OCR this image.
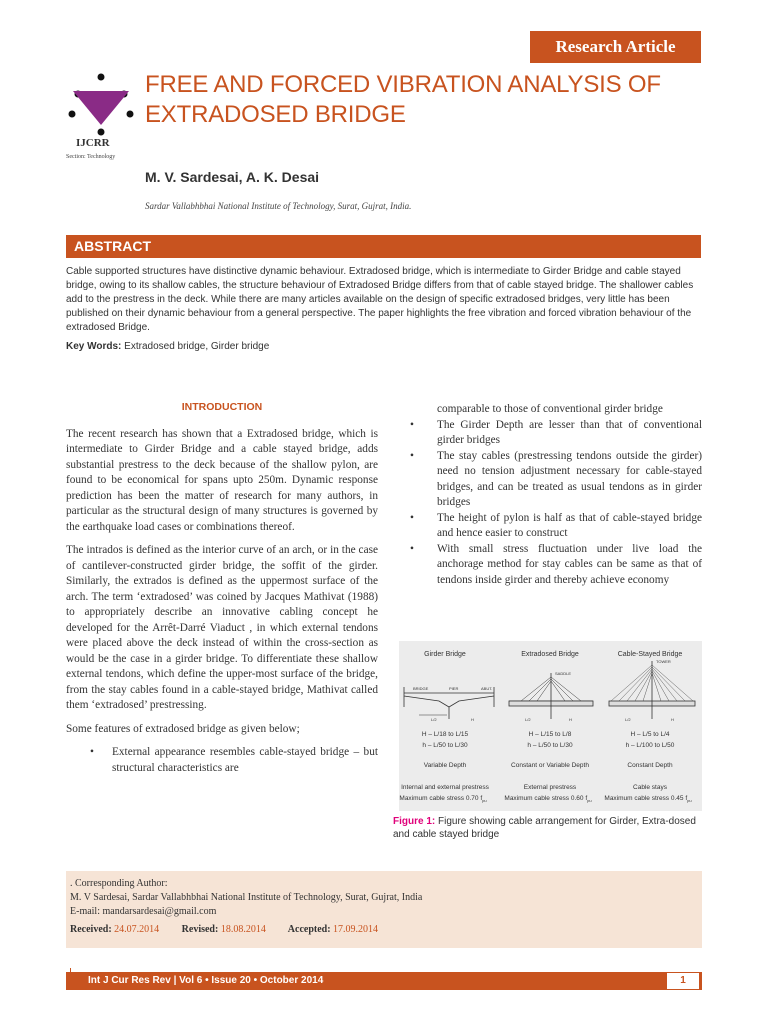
Research Article
IJCRR
Section: Technology
FREE AND FORCED VIBRATION ANALYSIS OF EXTRADOSED BRIDGE
M. V. Sardesai, A. K. Desai
Sardar Vallabhbhai National Institute of Technology, Surat, Gujrat, India.
ABSTRACT
Cable supported structures have distinctive dynamic behaviour. Extradosed bridge, which is intermediate to Girder Bridge and cable stayed bridge, owing to its shallow cables, the structure behaviour of Extradosed Bridge differs from that of cable stayed bridge. The shallower cables add to the prestress in the deck. While there are many articles available on the design of specific extradosed bridges, very little has been published on their dynamic behaviour from a general perspective. The paper highlights the free vibration and forced vibration behaviour of the extradosed Bridge.
Key Words: Extradosed bridge, Girder bridge
INTRODUCTION
The recent research has shown that a Extradosed bridge, which is intermediate to Girder Bridge and a cable stayed bridge, adds substantial prestress to the deck because of the shallow pylon, are found to be economical for spans upto 250m. Dynamic response prediction has been the matter of research for many authors, in particular as the structural design of many structures is governed by the earthquake load cases or combinations thereof.
The intrados is defined as the interior curve of an arch, or in the case of cantilever-constructed girder bridge, the soffit of the girder. Similarly, the extrados is defined as the uppermost surface of the arch. The term ‘extradosed’ was coined by Jacques Mathivat (1988) to appropriately describe an innovative cabling concept he developed for the Arrêt-Darré Viaduct , in which external tendons were placed above the deck instead of within the cross-section as would be the case in a girder bridge. To differentiate these shallow external tendons, which define the upper-most surface of the bridge, from the stay cables found in a cable-stayed bridge, Mathivat called them ‘extradosed’ prestressing.
Some features of extradosed bridge as given below;
•	External appearance resembles cable-stayed bridge – but structural characteristics are
comparable to those of conventional girder bridge
•	The Girder Depth are lesser than that of conventional girder bridges
•	The stay cables (prestressing tendons outside the girder) need no tension adjustment necessary for cable-stayed bridges, and can be treated as usual tendons as in girder bridges
•	The height of pylon is half as that of cable-stayed bridge and hence easier to construct
•	With small stress fluctuation under live load the anchorage method for stay cables can be same as that of tendons inside girder and thereby achieve economy
Girder Bridge	Extradosed Bridge	Cable-Stayed Bridge
BRIDGE	PIER	ABUT.
L/2	H
SADDLE
L/2	H
TOWER
L/2	H
H – L/18 to L/15
h – L/50 to L/30
H – L/15 to L/8
h – L/50 to L/30
H – L/5 to L/4
h – L/100 to L/50
Variable Depth	Constant or Variable Depth	Constant Depth
Internal and external prestress	External prestress	Cable stays
Maximum cable stress 0.70 $f_{pu}$	Maximum cable stress 0.60 $f_{pu}$ Maximum cable stress 0.45 $f_{pu}$
Figure 1: Figure showing cable arrangement for Girder, Extra-dosed and cable stayed bridge
. Corresponding Author:
M. V Sardesai, Sardar Vallabhbhai National Institute of Technology, Surat, Gujrat, India
E-mail: mandarsardesai@gmail.com
Received: 24.07.2014 Revised: 18.08.2014 Accepted: 17.09.2014
Int J Cur Res Rev | Vol 6 • Issue 20 • October 2014	1
